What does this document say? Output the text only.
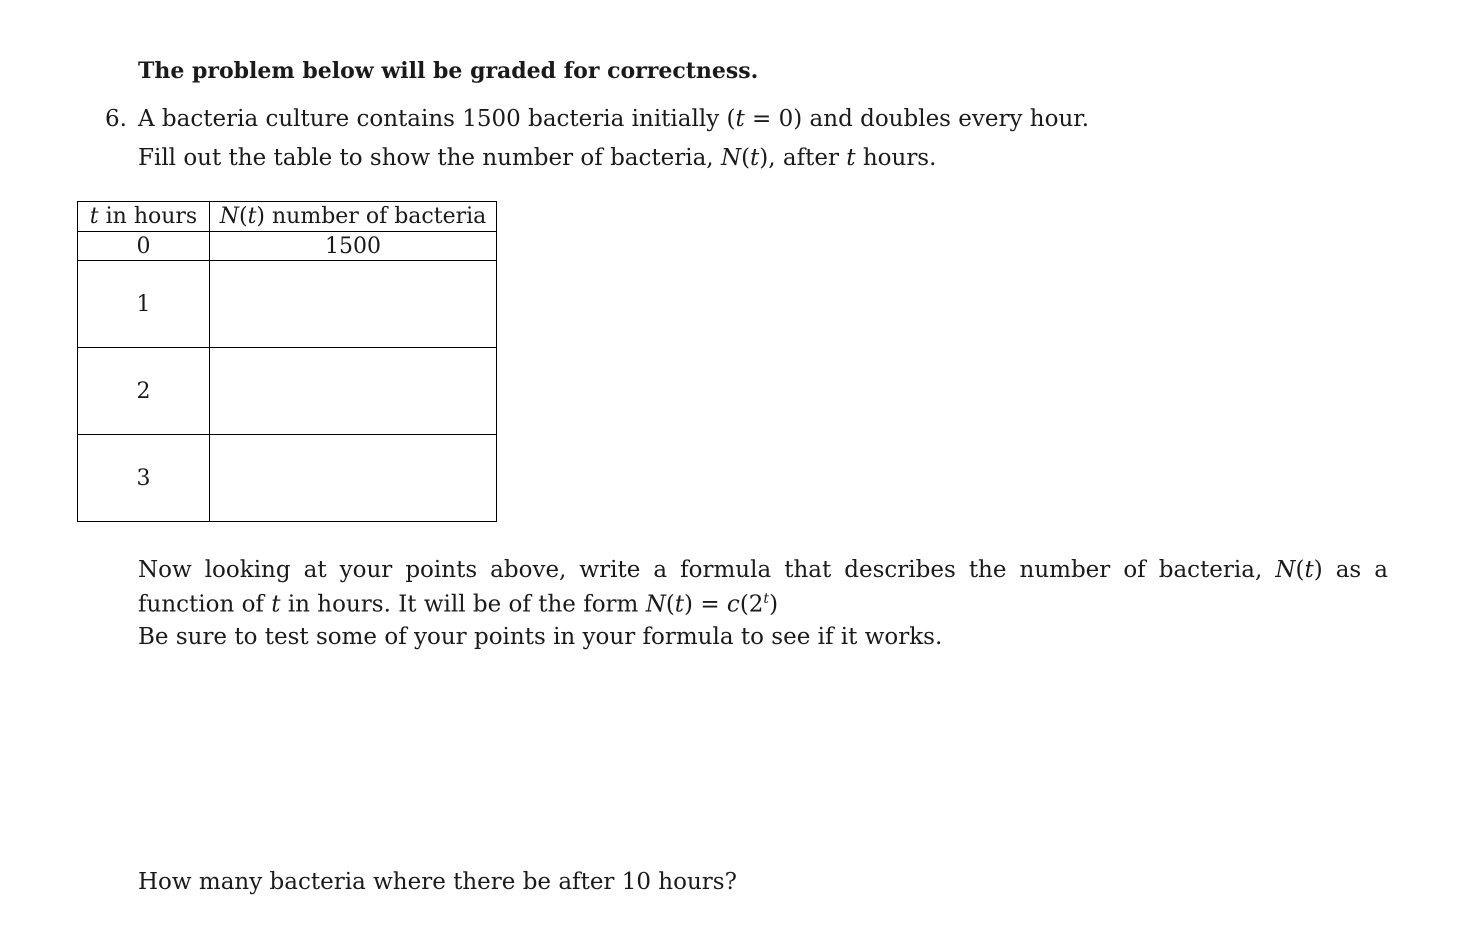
The problem below will be graded for correctness.
6. A bacteria culture contains 1500 bacteria initially (t = 0) and doubles every hour.
Fill out the table to show the number of bacteria, N(t), after t hours.
t in hours	N(t) number of bacteria
0	1500
1	
2	
3	
Now looking at your points above, write a formula that describes the number of bacteria, N(t) as a function of t in hours. It will be of the form $N(t) = c(2^t)$
Be sure to test some of your points in your formula to see if it works.
How many bacteria where there be after 10 hours?
